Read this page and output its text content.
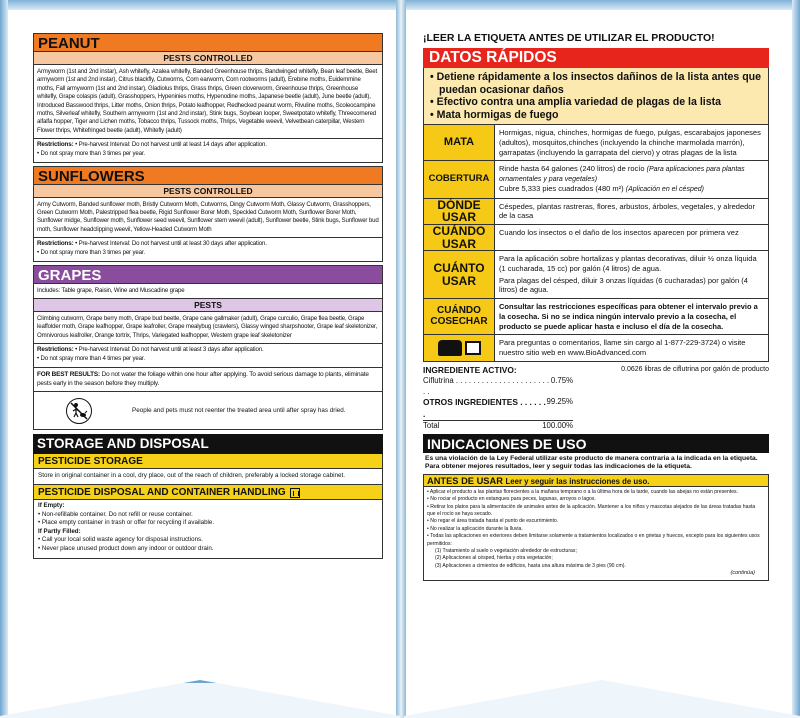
PEANUT
PESTS CONTROLLED
Armyworm (1st and 2nd instar), Ash whitefly, Azalea whitefly, Banded Greenhouse thrips, Bandwinged whitefly, Bean leaf beetle, Beet armyworm (1st and 2nd instar), Citrus blackfly, Cutworms, Corn earworm, Corn rootworms (adult), Erebine moths, Euidemmine moths, Fall armyworm (1st and 2nd instar), Gladiolus thrips, Grass thrips, Green cloverworm, Greenhouse thrips, Greenhouse whitefly, Grape colaspis (adult), Grasshoppers, Hypeninies moths, Hypenodine moths, Japanese beetle (adult), June beetle (adult), Introduced Basswood thrips, Litter moths, Onion thrips, Potato leafhopper, Redhecked peanut worm, Rivuline moths, Scoleocampine moths, Silverleaf whitefly, Southern armyworm (1st and 2nd instar), Stink bugs, Soybean looper, Sweetpotato whitefly, Threecornered alfalfa hopper, Tiger and Lichen moths, Tobacco thrips, Tussock moths, Thrips, Vegetable weevil, Velvetbean caterpillar, Western Flower thrips, Whitefringed beetle (adult), Whitefly (adult)
Restrictions: • Pre-harvest Interval: Do not harvest until at least 14 days after application.
• Do not spray more than 3 times per year.
SUNFLOWERS
PESTS CONTROLLED
Army Cutworm, Banded sunflower moth, Bristly Cutworm Moth, Cutworms, Dingy Cutworm Moth, Glassy Cutworm, Grasshoppers, Green Cutworm Moth, Palestripped flea beetle, Rigid Sunflower Borer Moth, Speckled Cutworm Moth, Sunflower Borer Moth, Sunflower midge, Sunflower moth, Sunflower seed weevil, Sunflower stem weevil (adult), Sunflower beetle, Stink bugs, Sunflower bud moth, Sunflower headclipping weevil, Yellow-Headed Cutworm Moth
Restrictions: • Pre-harvest Interval: Do not harvest until at least 30 days after application.
• Do not spray more than 3 times per year.
GRAPES
Includes: Table grape, Raisin, Wine and Muscadine grape
PESTS
Climbing cutworm, Grape berry moth, Grape bud beetle, Grape cane gallmaker (adult), Grape curculio, Grape flea beetle, Grape leaffolder moth, Grape leafhopper, Grape leafroller, Grape mealybug (crawlers), Glassy winged sharpshooter, Grape leaf skeletonizer, Omnivorous leafroller, Orange tortrix, Thrips, Variegated leafhopper, Western grape leaf skeletonizer
Restrictions: • Pre-harvest Interval: Do not harvest until at least 3 days after application.
• Do not spray more than 4 times per year.
FOR BEST RESULTS: Do not water the foliage within one hour after applying. To avoid serious damage to plants, eliminate pests early in the season before they multiply.
People and pets must not reenter the treated area until after spray has dried.
STORAGE AND DISPOSAL
PESTICIDE STORAGE
Store in original container in a cool, dry place, out of the reach of children, preferably a locked storage cabinet.
PESTICIDE DISPOSAL AND CONTAINER HANDLING
If Empty:
• Non-refillable container. Do not refill or reuse container.
• Place empty container in trash or offer for recycling if available.
If Partly Filled:
• Call your local solid waste agency for disposal instructions.
• Never place unused product down any indoor or outdoor drain.
¡LEER LA ETIQUETA ANTES DE UTILIZAR EL PRODUCTO!
DATOS RÁPIDOS
• Detiene rápidamente a los insectos dañinos de la lista antes que puedan ocasionar daños
• Efectivo contra una amplia variedad de plagas de la lista
• Mata hormigas de fuego
MATA
Hormigas, nigua, chinches, hormigas de fuego, pulgas, escarabajos japoneses (adultos), mosquitos,chinches (incluyendo la chinche marmolada marrón), garrapatas (incluyendo la garrapata del ciervo) y otras plagas de la lista
COBERTURA
Rinde hasta 64 galones (240 litros) de rocío (Para aplicaciones para plantas ornamentales y para vegetales)
Cubre 5,333 pies cuadrados (480 m²) (Aplicación en el césped)
DÓNDE USAR
Céspedes, plantas rastreras, flores, arbustos, árboles, vegetales, y alrededor de la casa
CUÁNDO USAR
Cuando los insectos o el daño de los insectos aparecen por primera vez
CUÁNTO USAR
Para la aplicación sobre hortalizas y plantas decorativas, diluir ½ onza líquida (1 cucharada, 15 cc) por galón (4 litros) de agua.
Para plagas del césped, diluir 3 onzas líquidas (6 cucharadas) por galón (4 litros) de agua.
CUÁNDO COSECHAR
Consultar las restricciones específicas para obtener el intervalo previo a la cosecha. Si no se indica ningún intervalo previo a la cosecha, el producto se puede aplicar hasta e incluso el día de la cosecha.
Para preguntas o comentarios, llame sin cargo al 1-877-229-3724) o visite nuestro sitio web en www.BioAdvanced.com
INGREDIENTE ACTIVO:	0.0626 libras de ciflutrina por galón de producto
Ciflutrina . . . . . . . . . . . . . . . . . . . . . . . .
0.75%
OTROS INGREDIENTES . . . . . . .
99.25%
Total	100.00%
INDICACIONES DE USO
Es una violación de la Ley Federal utilizar este producto de manera contraria a la indicada en la etiqueta.
Para obtener mejores resultados, leer y seguir todas las indicaciones de la etiqueta.
ANTES DE USAR Leer y seguir las instrucciones de uso.
• Aplicar el producto a las plantas florecientes a la mañana temprano o a la última hora de la tarde, cuando las abejas no están presentes.
• No rociar el producto en estanques para peces, lagunas, arroyos o lagos.
• Retirar los platos para la alimentación de animales antes de la aplicación. Mantener a los niños y mascotas alejados de las áreas tratadas hasta que el rocío se haya secado.
• No regar el área tratada hasta el punto de escurrimiento.
• No realizar la aplicación durante la lluvia.
• Todas las aplicaciones en exteriores deben limitarse solamente a tratamientos localizados o en grietas y huecos, excepto para los siguientes usos permitidos:
(1) Tratamiento al suelo o vegetación alrededor de estructuras;
(2) Aplicaciones al césped, hierba y otra vegetación;
(3) Aplicaciones a cimientos de edificios, hasta una altura máxima de 3 pies (90 cm).
(continúa)
